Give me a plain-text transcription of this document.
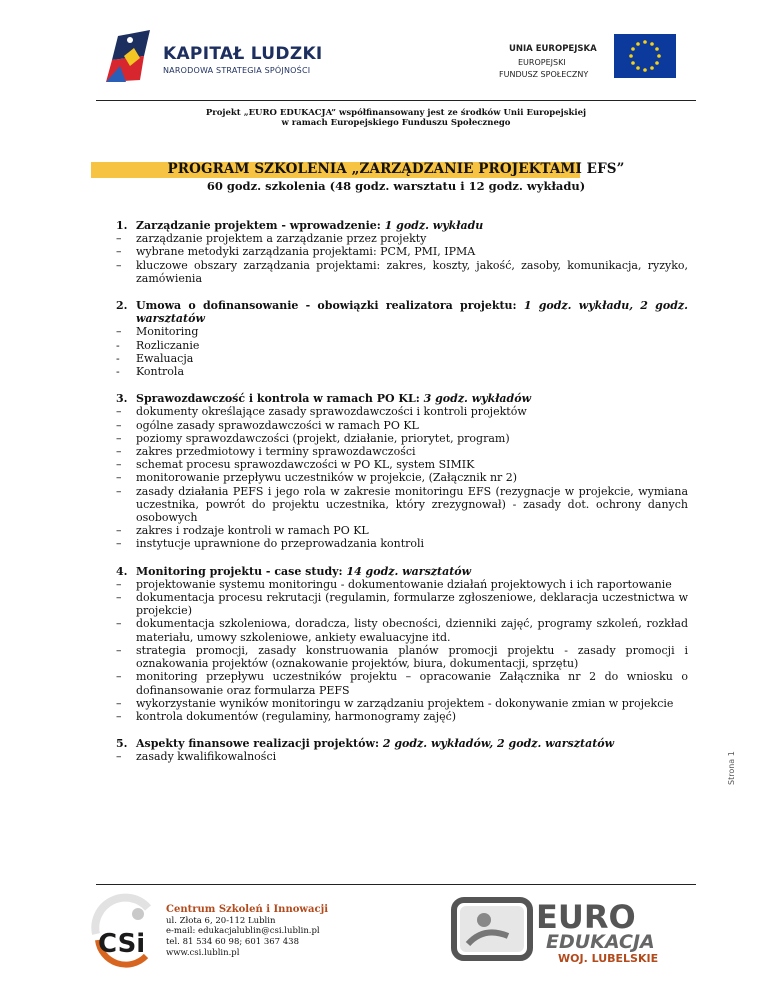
KAPITAŁ LUDZKI
NARODOWA STRATEGIA SPÓJNOŚCI
UNIA EUROPEJSKA
EUROPEJSKI
FUNDUSZ SPOŁECZNY
Projekt „EURO EDUKACJA” współfinansowany jest ze środków Unii Europejskiej
w ramach Europejskiego Funduszu Społecznego
PROGRAM SZKOLENIA „ZARZĄDZANIE PROJEKTAMI EFS”
60 godz. szkolenia (48 godz. warsztatu i 12 godz. wykładu)
1. Zarządzanie projektem - wprowadzenie: 1 godz. wykładu
–	zarządzanie projektem a zarządzanie przez projekty
–	wybrane metodyki zarządzania projektami: PCM, PMI, IPMA
–	kluczowe obszary zarządzania projektami: zakres, koszty, jakość, zasoby, komunikacja, ryzyko, zamówienia
2. Umowa o dofinansowanie - obowiązki realizatora projektu: 1 godz. wykładu, 2 godz. warsztatów
–	Monitoring
-	Rozliczanie
-	Ewaluacja
-	Kontrola
3. Sprawozdawczość i kontrola w ramach PO KL: 3 godz. wykładów
–	dokumenty określające zasady sprawozdawczości i kontroli projektów
–	ogólne zasady sprawozdawczości w ramach PO KL
–	poziomy sprawozdawczości (projekt, działanie, priorytet, program)
–	zakres przedmiotowy i terminy sprawozdawczości
–	schemat procesu sprawozdawczości w PO KL, system SIMIK
–	monitorowanie przepływu uczestników w projekcie, (Załącznik nr 2)
–	zasady działania PEFS i jego rola w zakresie monitoringu EFS (rezygnacje w projekcie, wymiana uczestnika, powrót do projektu uczestnika, który zrezygnował) - zasady dot. ochrony danych osobowych
–	zakres i rodzaje kontroli w ramach PO KL
–	instytucje uprawnione do przeprowadzania kontroli
4. Monitoring projektu - case study: 14 godz. warsztatów
–	projektowanie systemu monitoringu - dokumentowanie działań projektowych i ich raportowanie
–	dokumentacja procesu rekrutacji (regulamin, formularze zgłoszeniowe, deklaracja uczestnictwa w projekcie)
–	dokumentacja szkoleniowa, doradcza, listy obecności, dzienniki zajęć, programy szkoleń, rozkład materiału, umowy szkoleniowe, ankiety ewaluacyjne itd.
–	strategia promocji, zasady konstruowania planów promocji projektu - zasady promocji i oznakowania projektów (oznakowanie projektów, biura, dokumentacji, sprzętu)
–	monitoring przepływu uczestników projektu – opracowanie Załącznika nr 2 do wniosku o dofinansowanie oraz formularza PEFS
–	wykorzystanie wyników monitoringu w zarządzaniu projektem - dokonywanie zmian w projekcie
–	kontrola dokumentów (regulaminy, harmonogramy zajęć)
5. Aspekty finansowe realizacji projektów: 2 godz. wykładów, 2 godz. warsztatów
–	zasady kwalifikowalności	Strona 1
CSi
Centrum Szkoleń i Innowacji
ul. Złota 6, 20-112 Lublin
e-mail: edukacjalublin@csi.lublin.pl
tel. 81 534 60 98; 601 367 438
www.csi.lublin.pl
EURO
EDUKACJA
WOJ. LUBELSKIE
